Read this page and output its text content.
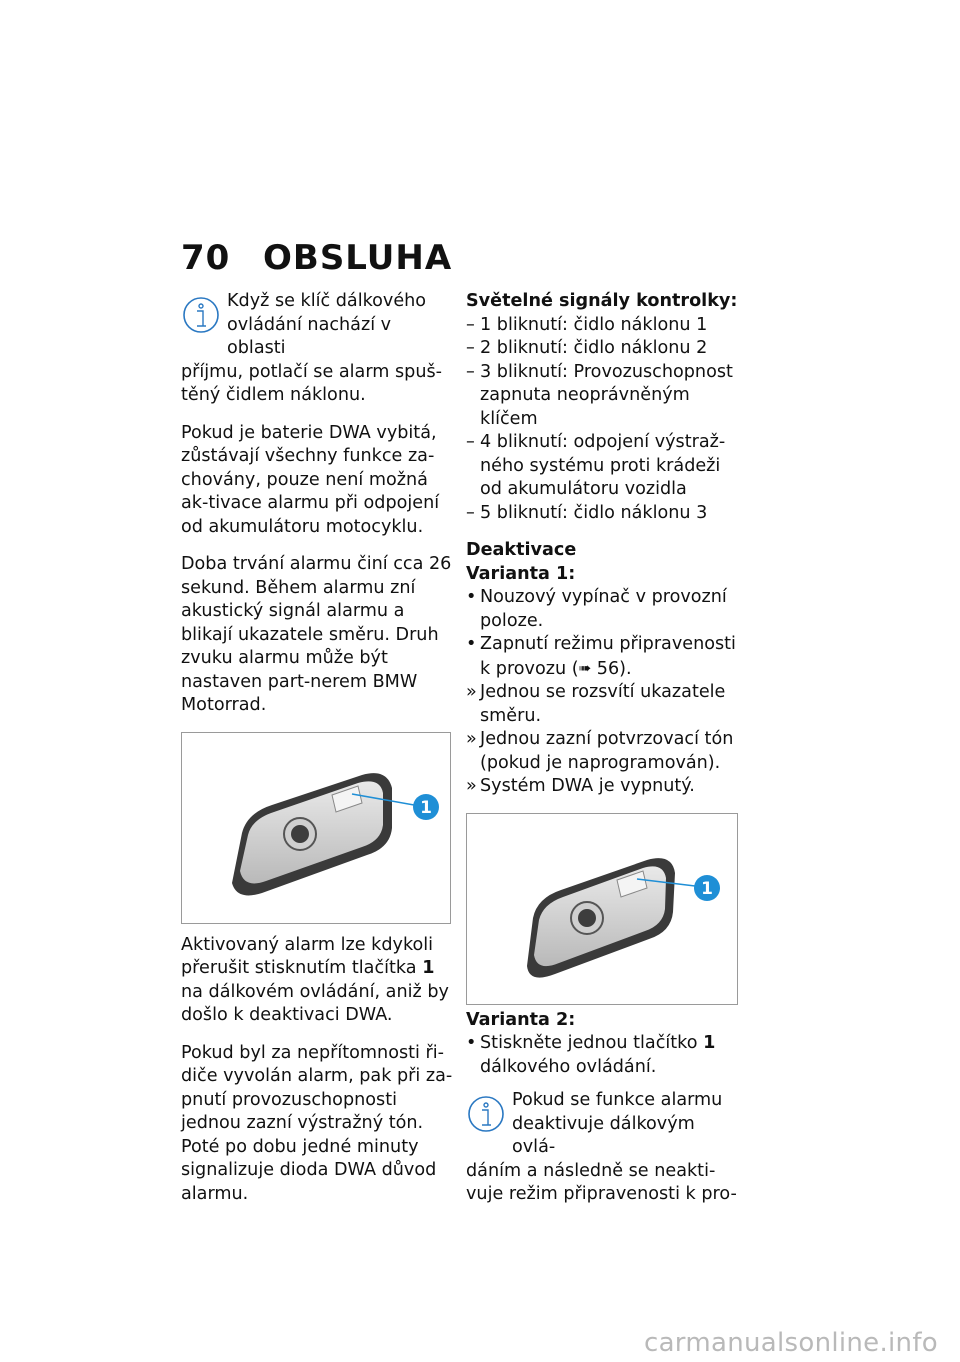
70 OBSLUHA
Když se klíč dálkového
ovládání nachází v oblasti
příjmu, potlačí se alarm spuš-
těný čidlem náklonu.

Pokud je baterie DWA vybitá, zůstávají všechny funkce za-chovány, pouze není možná ak-tivace alarmu při odpojení od akumulátoru motocyklu.

Doba trvání alarmu činí cca 26 sekund. Během alarmu zní akustický signál alarmu a blikají ukazatele směru. Druh zvuku alarmu může být nastaven part-nerem BMW Motorrad.

1

Aktivovaný alarm lze kdykoli přerušit stisknutím tlačítka 1 na dálkovém ovládání, aniž by došlo k deaktivaci DWA.

Pokud byl za nepřítomnosti ři-diče vyvolán alarm, pak při za-pnutí provozuschopnosti jednou zazní výstražný tón. Poté po dobu jedné minuty signalizuje dioda DWA důvod alarmu.

Světelné signály kontrolky:
– 1 bliknutí: čidlo náklonu 1
– 2 bliknutí: čidlo náklonu 2
– 3 bliknutí: Provozuschopnost zapnuta neoprávněným klíčem
– 4 bliknutí: odpojení výstraž-ného systému proti krádeži od akumulátoru vozidla
– 5 bliknutí: čidlo náklonu 3
Deaktivace
Varianta 1:
• Nouzový vypínač v provozní poloze.
• Zapnutí režimu připravenosti k provozu (➠ 56).
» Jednou se rozsvítí ukazatele směru.
» Jednou zazní potvrzovací tón (pokud je naprogramován).
» Systém DWA je vypnutý.
1
Varianta 2:
• Stiskněte jednou tlačítko 1 dálkového ovládání.
Pokud se funkce alarmu
deaktivuje dálkovým ovlá-
dáním a následně se neakti-
vuje režim připravenosti k pro-
carmanualsonline.info
